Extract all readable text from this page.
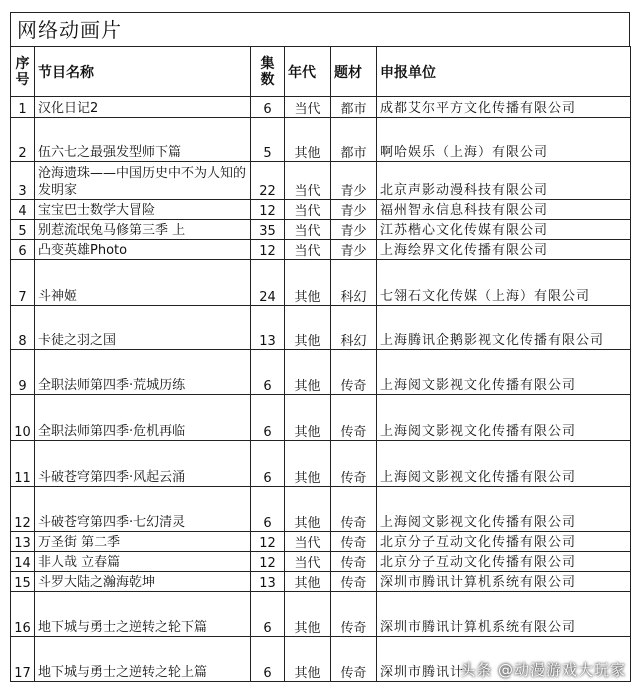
网络动画片
序号	节目名称	集数	年代	题材	申报单位
1	汉化日记2	6	当代	都市	成都艾尔平方文化传播有限公司
2	伍六七之最强发型师下篇	5	其他	都市	啊哈娱乐（上海）有限公司
3	沧海遗珠——中国历史中不为人知的发明家	22	当代	青少	北京声影动漫科技有限公司
4	宝宝巴士数学大冒险	12	当代	青少	福州智永信息科技有限公司
5	别惹流氓兔马修第三季 上	35	当代	青少	江苏楷心文化传媒有限公司
6	凸变英雄Photo	12	当代	青少	上海绘界文化传播有限公司
7	斗神姬	24	其他	科幻	七翎石文化传媒（上海）有限公司
8	卡徒之羽之国	13	其他	科幻	上海腾讯企鹅影视文化传播有限公司
9	全职法师第四季·荒城历练	6	其他	传奇	上海阅文影视文化传播有限公司
10	全职法师第四季·危机再临	6	其他	传奇	上海阅文影视文化传播有限公司
11	斗破苍穹第四季·风起云涌	6	其他	传奇	上海阅文影视文化传播有限公司
12	斗破苍穹第四季·七幻清灵	6	其他	传奇	上海阅文影视文化传播有限公司
13	万圣街 第二季	12	当代	传奇	北京分子互动文化传播有限公司
14	非人哉 立春篇	12	当代	传奇	北京分子互动文化传播有限公司
15	斗罗大陆之瀚海乾坤	13	其他	传奇	深圳市腾讯计算机系统有限公司
16	地下城与勇士之逆转之轮下篇	6	其他	传奇	深圳市腾讯计算机系统有限公司
17	地下城与勇士之逆转之轮上篇	6	其他	传奇	深圳市腾讯计
头条 @动漫游戏大玩家
